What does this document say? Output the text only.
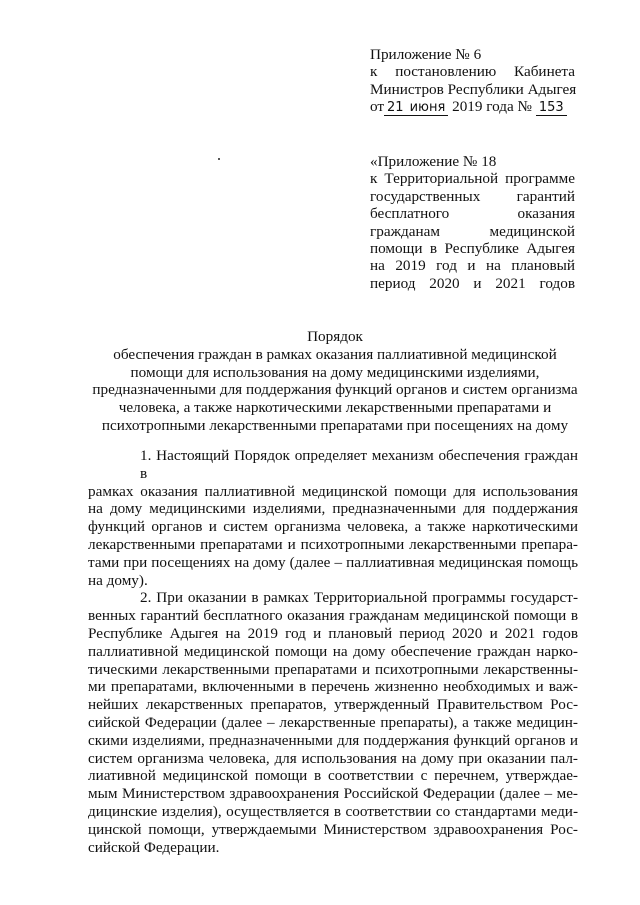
Приложение № 6
к постановлению Кабинета
Министров Республики Адыгея
от 21 июня 2019 года № 153
«Приложение № 18
к Территориальной программе
государственных гарантий
бесплатного оказания
гражданам медицинской
помощи в Республике Адыгея
на 2019 год и на плановый
период 2020 и 2021 годов
Порядок
обеспечения граждан в рамках оказания паллиативной медицинской
помощи для использования на дому медицинскими изделиями,
предназначенными для поддержания функций органов и систем организма
человека, а также наркотическими лекарственными препаратами и
психотропными лекарственными препаратами при посещениях на дому
1. Настоящий Порядок определяет механизм обеспечения граждан в
рамках оказания паллиативной медицинской помощи для использования
на дому медицинскими изделиями, предназначенными для поддержания
функций органов и систем организма человека, а также наркотическими
лекарственными препаратами и психотропными лекарственными препара-
тами при посещениях на дому (далее – паллиативная медицинская помощь
на дому).
2. При оказании в рамках Территориальной программы государст-
венных гарантий бесплатного оказания гражданам медицинской помощи в
Республике Адыгея на 2019 год и плановый период 2020 и 2021 годов
паллиативной медицинской помощи на дому обеспечение граждан нарко-
тическими лекарственными препаратами и психотропными лекарственны-
ми препаратами, включенными в перечень жизненно необходимых и важ-
нейших лекарственных препаратов, утвержденный Правительством Рос-
сийской Федерации (далее – лекарственные препараты), а также медицин-
скими изделиями, предназначенными для поддержания функций органов и
систем организма человека, для использования на дому при оказании пал-
лиативной медицинской помощи в соответствии с перечнем, утверждае-
мым Министерством здравоохранения Российской Федерации (далее – ме-
дицинские изделия), осуществляется в соответствии со стандартами меди-
цинской помощи, утверждаемыми Министерством здравоохранения Рос-
сийской Федерации.
